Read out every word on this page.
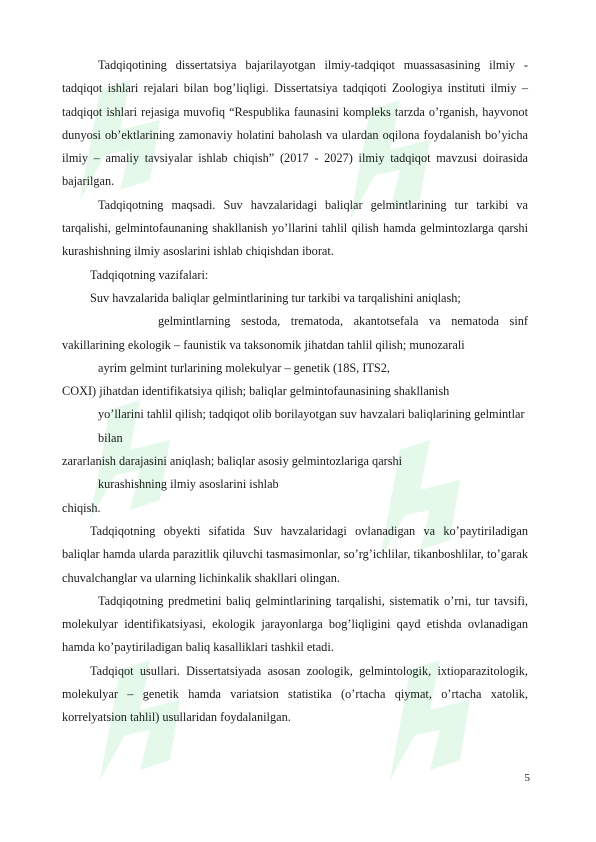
Tadqiqotining dissertatsiya bajarilayotgan ilmiy-tadqiqot muassasasining ilmiy - tadqiqot ishlari rejalari bilan bog’liqligi. Dissertatsiya tadqiqoti Zoologiya instituti ilmiy – tadqiqot ishlari rejasiga muvofiq “Respublika faunasini kompleks tarzda o’rganish, hayvonot dunyosi ob’ektlarining zamonaviy holatini baholash va ulardan oqilona foydalanish bo’yicha ilmiy – amaliy tavsiyalar ishlab chiqish” (2017 - 2027) ilmiy tadqiqot mavzusi doirasida bajarilgan.

Tadqiqotning maqsadi. Suv havzalaridagi baliqlar gelmintlarining tur tarkibi va tarqalishi, gelmintofaunaning shakllanish yo’llarini tahlil qilish hamda gelmintozlarga qarshi kurashishning ilmiy asoslarini ishlab chiqishdan iborat.

Tadqiqotning vazifalari:

Suv havzalarida baliqlar gelmintlarining tur tarkibi va tarqalishini aniqlash;

gelmintlarning sestoda, trematoda, akantotsefala va nematoda sinf vakillarining ekologik – faunistik va taksonomik jihatdan tahlil qilish; munozarali

ayrim gelmint turlarining molekulyar – genetik (18S, ITS2,

COXI) jihatdan identifikatsiya qilish; baliqlar gelmintofaunasining shakllanish

yo’llarini tahlil qilish; tadqiqot olib borilayotgan suv havzalari baliqlarining gelmintlar bilan

zararlanish darajasini aniqlash; baliqlar asosiy gelmintozlariga qarshi

kurashishning ilmiy asoslarini ishlab

chiqish.

Tadqiqotning obyekti sifatida Suv havzalaridagi ovlanadigan va ko’paytiriladigan baliqlar hamda ularda parazitlik qiluvchi tasmasimonlar, so’rg’ichlilar, tikanboshlilar, to’garak chuvalchanglar va ularning lichinkalik shakllari olingan.

Tadqiqotning predmetini baliq gelmintlarining tarqalishi, sistematik o’rni, tur tavsifi, molekulyar identifikatsiyasi, ekologik jarayonlarga bog’liqligini qayd etishda ovlanadigan hamda ko’paytiriladigan baliq kasalliklari tashkil etadi.

Tadqiqot usullari. Dissertatsiyada asosan zoologik, gelmintologik, ixtioparazitologik, molekulyar – genetik hamda variatsion statistika (o’rtacha qiymat, o’rtacha xatolik, korrelyatsion tahlil) usullaridan foydalanilgan.

5
